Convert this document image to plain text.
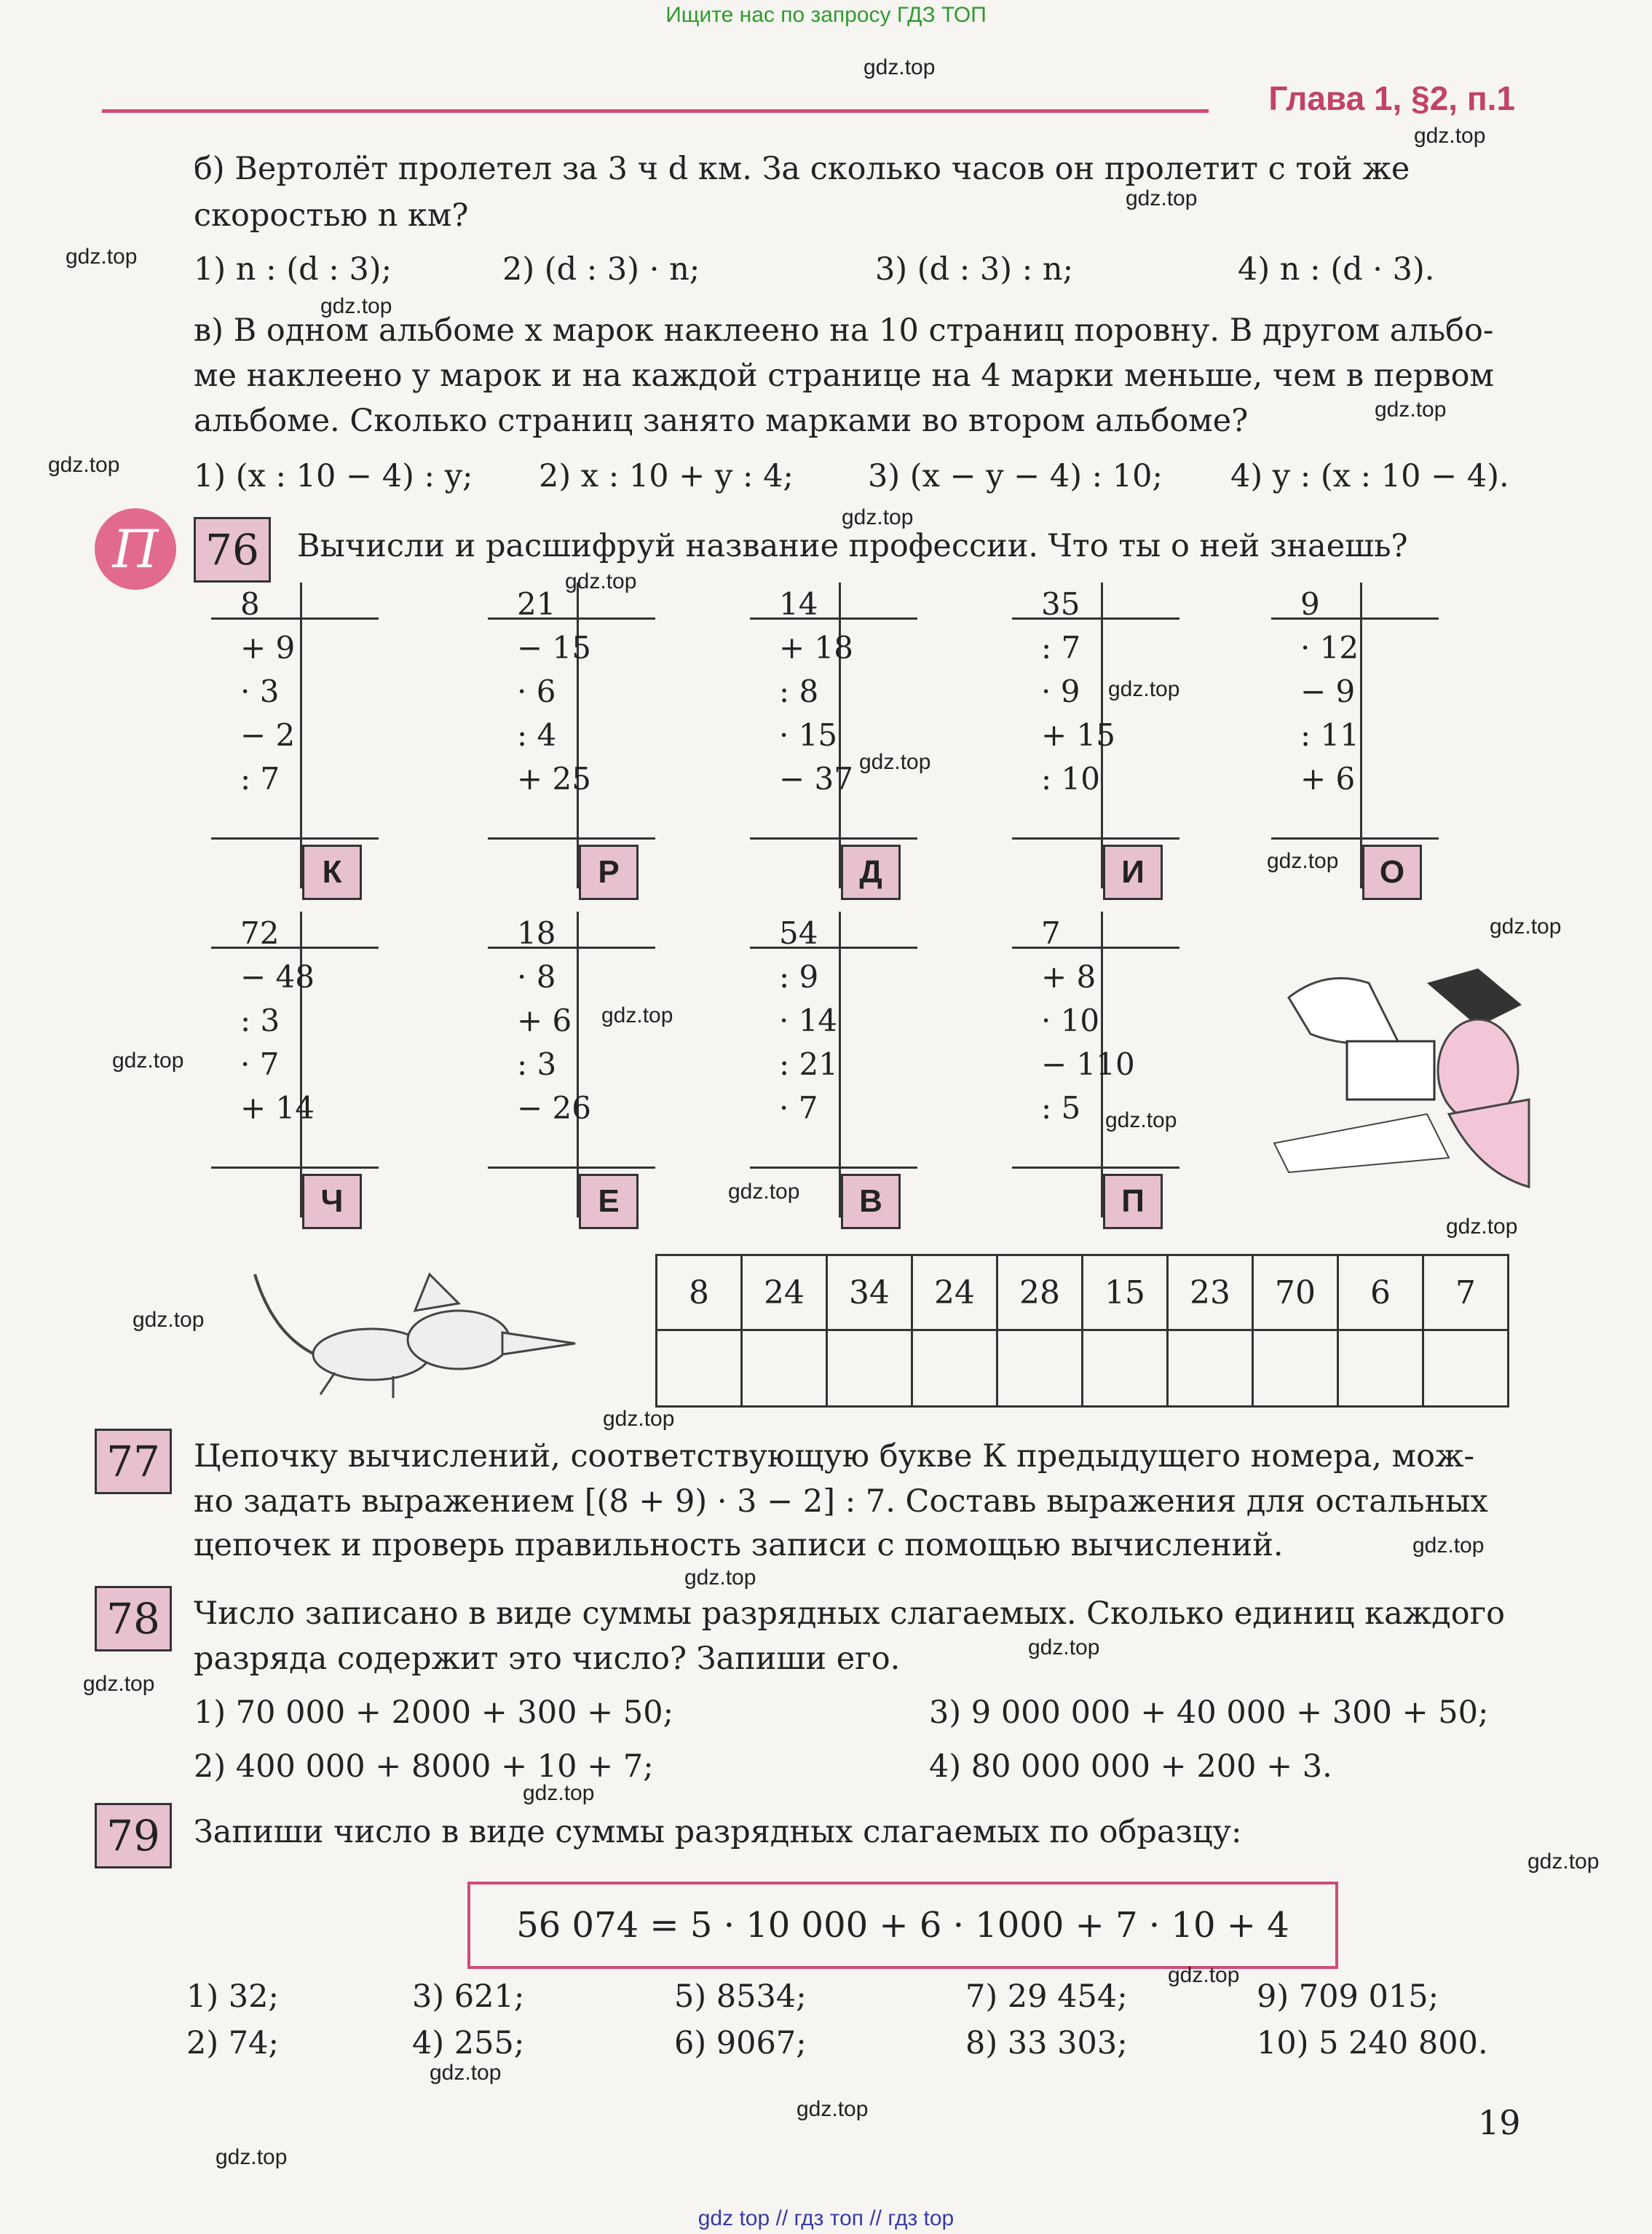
Ищите нас по запросу ГДЗ ТОП
Глава 1, §2, п.1
б) Вертолёт пролетел за 3 ч d км. За сколько часов он пролетит с той же
скоростью n км?
1) n : (d : 3);	2) (d : 3) · n;	3) (d : 3) : n;	4) n : (d · 3).
в) В одном альбоме x марок наклеено на 10 страниц поровну. В другом альбо-
ме наклеено y марок и на каждой странице на 4 марки меньше, чем в первом
альбоме. Сколько страниц занято марками во втором альбоме?
1) (x : 10 − 4) : y; 2) x : 10 + y : 4; 3) (x − y − 4) : 10; 4) y : (x : 10 − 4).
П	76	Вычисли и расшифруй название профессии. Что ты о ней знаешь?
8
+ 9
· 3
− 2
: 7
К
21
− 15
· 6
: 4
+ 25
Р
14
+ 18
: 8
· 15
− 37
Д
35
: 7
· 9
+ 15
: 10
И
9
· 12
− 9
: 11
+ 6
О
72
− 48
: 3
· 7
+ 14
Ч
18
· 8
+ 6
: 3
− 26
Е
54
: 9
· 14
: 21
· 7
В
7
+ 8
· 10
− 110
: 5
П
8	24	34	24	28	15	23	70	6	7

77	Цепочку вычислений, соответствующую букве К предыдущего номера, мож-
но задать выражением [(8 + 9) · 3 − 2] : 7. Составь выражения для остальных
цепочек и проверь правильность записи с помощью вычислений.
78	Число записано в виде суммы разрядных слагаемых. Сколько единиц каждого
разряда содержит это число? Запиши его.
1) 70 000 + 2000 + 300 + 50;	3) 9 000 000 + 40 000 + 300 + 50;
2) 400 000 + 8000 + 10 + 7;	4) 80 000 000 + 200 + 3.
79	Запиши число в виде суммы разрядных слагаемых по образцу:
56 074 = 5 · 10 000 + 6 · 1000 + 7 · 10 + 4
1) 32;	3) 621;	5) 8534;	7) 29 454;	9) 709 015;
2) 74;	4) 255;	6) 9067;	8) 33 303;	10) 5 240 800.
19
gdz.top
gdz.top
gdz.top
gdz.top
gdz.top
gdz.top
gdz.top
gdz.top
gdz.top
gdz.top
gdz.top
gdz.top
gdz.top
gdz.top
gdz.top
gdz.top
gdz.top
gdz.top
gdz.top
gdz.top
gdz.top
gdz.top
gdz.top
gdz.top
gdz.top
gdz.top
gdz.top
gdz.top
gdz.top
gdz.top
gdz top // гдз топ // гдз top
